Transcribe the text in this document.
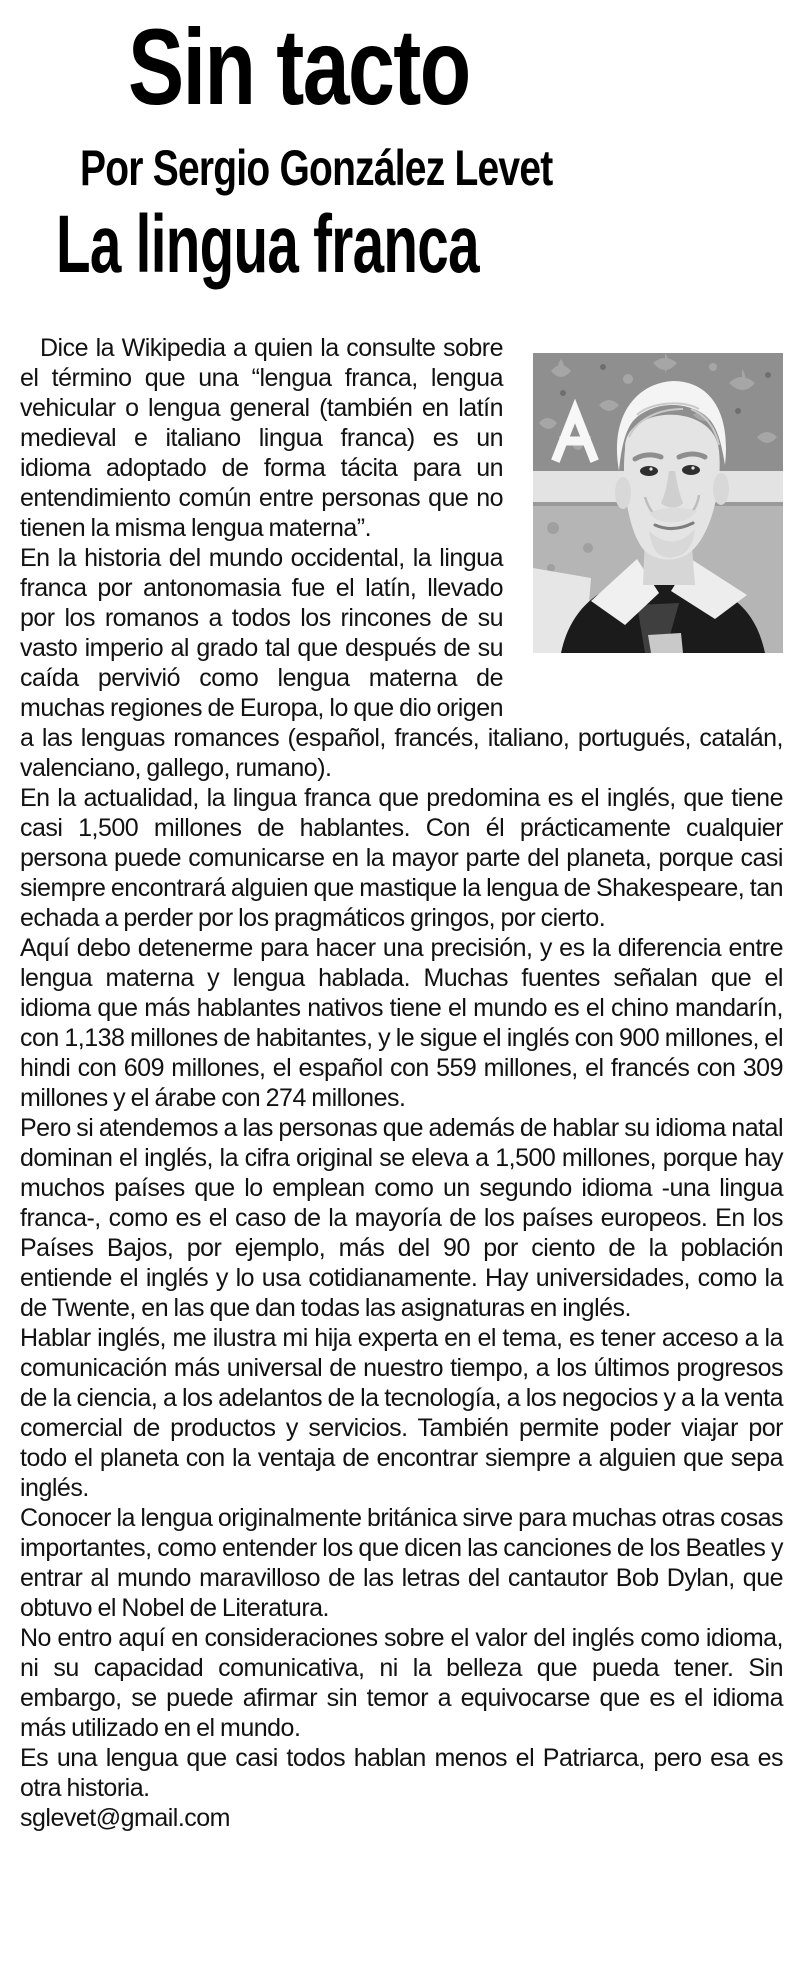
Sin tacto
Por Sergio González Levet
La lingua franca

Dice la Wikipedia a quien la consulte sobre el término que una “lengua franca, lengua vehicular o lengua general (también en latín medieval e italiano lingua franca) es un idioma adoptado de forma tácita para un entendimiento común entre personas que no tienen la misma lengua materna”.

En la historia del mundo occidental, la lingua franca por antonomasia fue el latín, llevado por los romanos a todos los rincones de su vasto imperio al grado tal que después de su caída pervivió como lengua materna de muchas regiones de Europa, lo que dio origen a las lenguas romances (español, francés, italiano, portugués, catalán, valenciano, gallego, rumano).

En la actualidad, la lingua franca que predomina es el inglés, que tiene casi 1,500 millones de hablantes. Con él prácticamente cualquier persona puede comunicarse en la mayor parte del planeta, porque casi siempre encontrará alguien que mastique la lengua de Shakespeare, tan echada a perder por los pragmáticos gringos, por cierto.

Aquí debo detenerme para hacer una precisión, y es la diferencia entre lengua materna y lengua hablada. Muchas fuentes señalan que el idioma que más hablantes nativos tiene el mundo es el chino mandarín, con 1,138 millones de habitantes, y le sigue el inglés con 900 millones, el hindi con 609 millones, el español con 559 millones, el francés con 309 millones y el árabe con 274 millones.

Pero si atendemos a las personas que además de hablar su idioma natal dominan el inglés, la cifra original se eleva a 1,500 millones, porque hay muchos países que lo emplean como un segundo idioma -una lingua franca-, como es el caso de la mayoría de los países europeos. En los Países Bajos, por ejemplo, más del 90 por ciento de la población entiende el inglés y lo usa cotidianamente. Hay universidades, como la de Twente, en las que dan todas las asignaturas en inglés.

Hablar inglés, me ilustra mi hija experta en el tema, es tener acceso a la comunicación más universal de nuestro tiempo, a los últimos progresos de la ciencia, a los adelantos de la tecnología, a los negocios y a la venta comercial de productos y servicios. También permite poder viajar por todo el planeta con la ventaja de encontrar siempre a alguien que sepa inglés.

Conocer la lengua originalmente británica sirve para muchas otras cosas importantes, como entender los que dicen las canciones de los Beatles y entrar al mundo maravilloso de las letras del cantautor Bob Dylan, que obtuvo el Nobel de Literatura.

No entro aquí en consideraciones sobre el valor del inglés como idioma, ni su capacidad comunicativa, ni la belleza que pueda tener. Sin embargo, se puede afirmar sin temor a equivocarse que es el idioma más utilizado en el mundo.

Es una lengua que casi todos hablan menos el Patriarca, pero esa es otra historia.

sglevet@gmail.com
